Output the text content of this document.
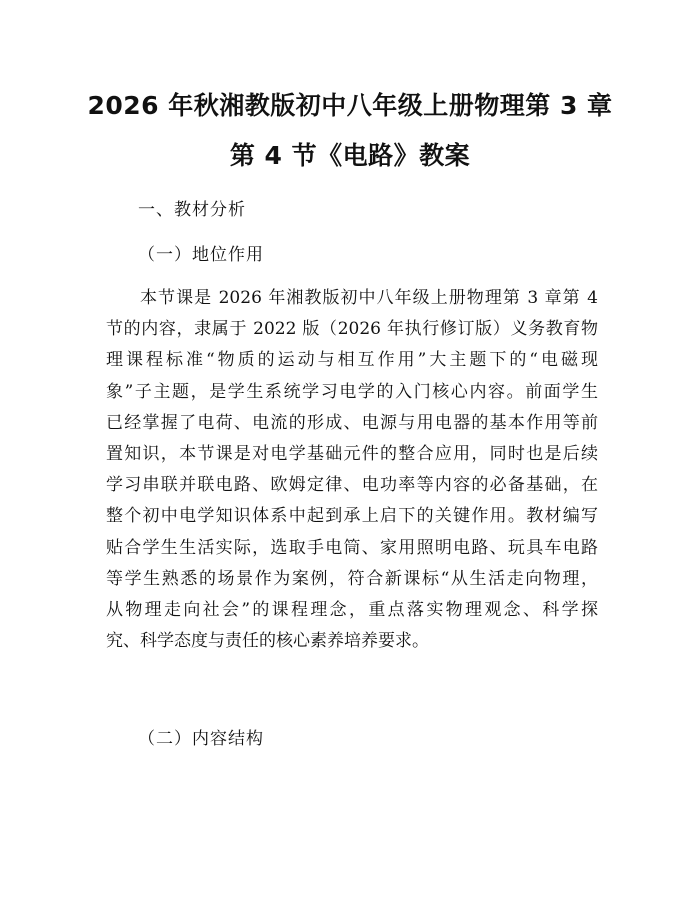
2026 年秋湘教版初中八年级上册物理第 3 章
第 4 节《电路》教案
一、教材分析
（一）地位作用
本节课是 2026 年湘教版初中八年级上册物理第 3 章第 4
节的内容，隶属于 2022 版（2026 年执行修订版）义务教育物
理课程标准“物质的运动与相互作用”大主题下的“电磁现
象”子主题，是学生系统学习电学的入门核心内容。前面学生
已经掌握了电荷、电流的形成、电源与用电器的基本作用等前
置知识，本节课是对电学基础元件的整合应用，同时也是后续
学习串联并联电路、欧姆定律、电功率等内容的必备基础，在
整个初中电学知识体系中起到承上启下的关键作用。教材编写
贴合学生生活实际，选取手电筒、家用照明电路、玩具车电路
等学生熟悉的场景作为案例，符合新课标“从生活走向物理，
从物理走向社会”的课程理念，重点落实物理观念、科学探
究、科学态度与责任的核心素养培养要求。
（二）内容结构
